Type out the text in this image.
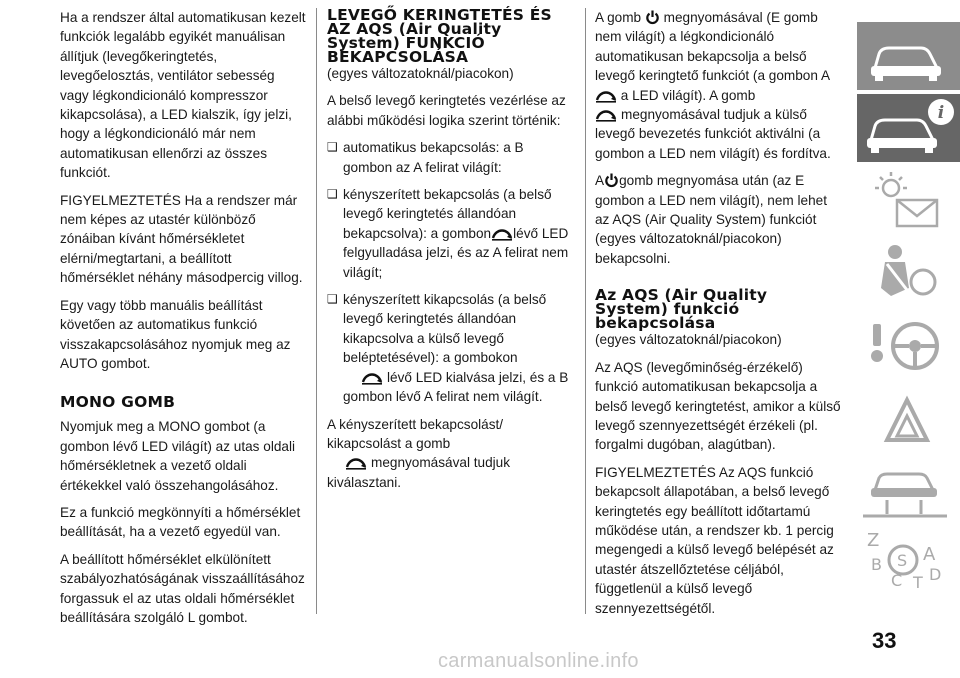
Ha a rendszer által automatikusan kezelt funkciók legalább egyikét manuálisan állítjuk (levegőkeringtetés, levegőelosztás, ventilátor sebesség vagy légkondicionáló kompresszor kikapcsolása), a LED kialszik, így jelzi, hogy a légkondicionáló már nem automatikusan ellenőrzi az összes funkciót.

FIGYELMEZTETÉS Ha a rendszer már nem képes az utastér különböző zónáiban kívánt hőmérsékletet elérni/megtartani, a beállított hőmérséklet néhány másodpercig villog.

Egy vagy több manuális beállítást követően az automatikus funkció visszakapcsolásához nyomjuk meg az AUTO gombot.

MONO GOMB

Nyomjuk meg a MONO gombot (a gombon lévő LED világít) az utas oldali hőmérsékletnek a vezető oldali értékekkel való összehangolásához.

Ez a funkció megkönnyíti a hőmérséklet beállítását, ha a vezető egyedül van.

A beállított hőmérséklet elkülönített szabályozhatóságának visszaállításához forgassuk el az utas oldali hőmérséklet beállítására szolgáló L gombot.

LEVEGŐ KERINGTETÉS ÉS AZ AQS (Air Quality System) FUNKCIÓ BEKAPCSOLÁSA

(egyes változatoknál/piacokon)

A belső levegő keringtetés vezérlése az alábbi működési logika szerint történik:

❑ automatikus bekapcsolás: a B gombon az A felirat világít:
❑ kényszerített bekapcsolás (a belső levegő keringtetés állandóan bekapcsolva): a gombon lévő LED felgyulladása jelzi, és az A felirat nem világít;
❑ kényszerített kikapcsolás (a belső levegő keringtetés állandóan kikapcsolva a külső levegő beléptetésével): a gombokon
lévő LED kialvása jelzi, és a B gombon lévő A felirat nem világít.

A kényszerített bekapcsolást/ kikapcsolást a gomb
megnyomásával tudjuk kiválasztani.

A gomb megnyomásával (E gomb nem világít) a légkondicionáló automatikusan bekapcsolja a belső levegő keringtető funkciót (a gombon A
a LED világít). A gomb
megnyomásával tudjuk a külső levegő bevezetés funkciót aktiválni (a gombon a LED nem világít) és fordítva.

A gomb megnyomása után (az E gombon a LED nem világít), nem lehet az AQS (Air Quality System) funkciót (egyes változatoknál/piacokon) bekapcsolni.

Az AQS (Air Quality System) funkció bekapcsolása

(egyes változatoknál/piacokon)

Az AQS (levegőminőség-érzékelő) funkció automatikusan bekapcsolja a belső levegő keringtetést, amikor a külső levegő szennyezettségét érzékeli (pl. forgalmi dugóban, alagútban).

FIGYELMEZTETÉS Az AQS funkció bekapcsolt állapotában, a belső levegő keringtetés egy beállított időtartamú működése után, a rendszer kb. 1 percig megengedi a külső levegő belépését az utastér átszellőztetése céljából, függetlenül a külső levegő szennyezettségétől.

i
Z
A
B
C T D
S
33
carmanualsonline.info
